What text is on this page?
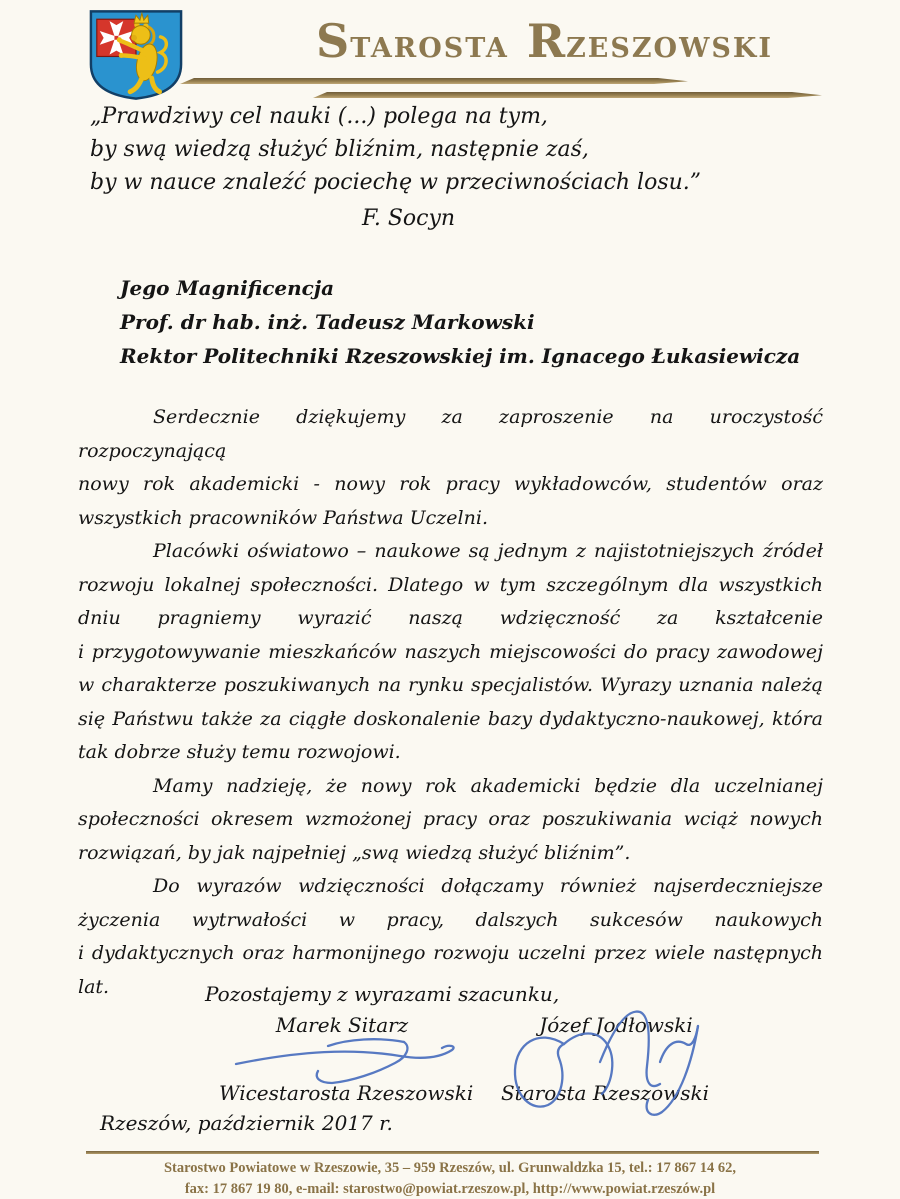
STAROSTA RZESZOWSKI
„Prawdziwy cel nauki (...) polega na tym,
by swą wiedzą służyć bliźnim, następnie zaś,
by w nauce znaleźć pociechę w przeciwnościach losu.”
F. Socyn
Jego Magnificencja
Prof. dr hab. inż. Tadeusz Markowski
Rektor Politechniki Rzeszowskiej im. Ignacego Łukasiewicza
Serdecznie dziękujemy za zaproszenie na uroczystość rozpoczynającą
nowy rok akademicki - nowy rok pracy wykładowców, studentów oraz
wszystkich pracowników Państwa Uczelni.
Placówki oświatowo – naukowe są jednym z najistotniejszych źródeł
rozwoju lokalnej społeczności. Dlatego w tym szczególnym dla wszystkich
dniu pragniemy wyrazić naszą wdzięczność za kształcenie
i przygotowywanie mieszkańców naszych miejscowości do pracy zawodowej
w charakterze poszukiwanych na rynku specjalistów. Wyrazy uznania należą
się Państwu także za ciągłe doskonalenie bazy dydaktyczno-naukowej, która
tak dobrze służy temu rozwojowi.
Mamy nadzieję, że nowy rok akademicki będzie dla uczelnianej
społeczności okresem wzmożonej pracy oraz poszukiwania wciąż nowych
rozwiązań, by jak najpełniej „swą wiedzą służyć bliźnim”.
Do wyrazów wdzięczności dołączamy również najserdeczniejsze
życzenia wytrwałości w pracy, dalszych sukcesów naukowych
i dydaktycznych oraz harmonijnego rozwoju uczelni przez wiele następnych
lat.	Pozostajemy z wyrazami szacunku,
Marek Sitarz	Józef Jodłowski
Wicestarosta Rzeszowski	Starosta Rzeszowski
Rzeszów, październik 2017 r.
Starostwo Powiatowe w Rzeszowie, 35 – 959 Rzeszów, ul. Grunwaldzka 15, tel.: 17 867 14 62,
fax: 17 867 19 80, e-mail: starostwo@powiat.rzeszow.pl, http://www.powiat.rzeszów.pl
